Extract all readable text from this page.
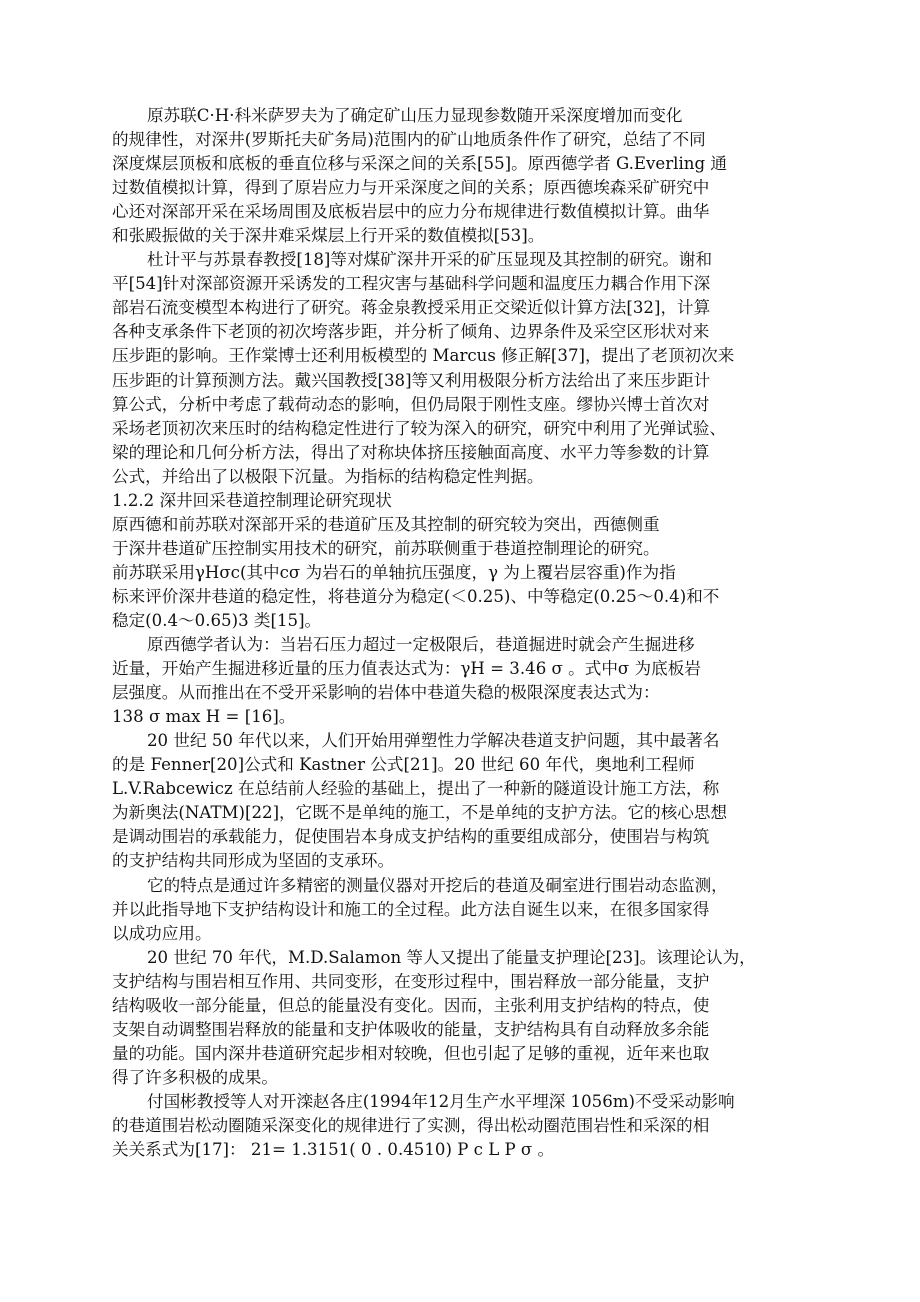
原苏联C·H·科米萨罗夫为了确定矿山压力显现参数随开采深度增加而变化
的规律性，对深井(罗斯托夫矿务局)范围内的矿山地质条件作了研究，总结了不同
深度煤层顶板和底板的垂直位移与采深之间的关系[55]。原西德学者 G.Everling 通
过数值模拟计算，得到了原岩应力与开采深度之间的关系；原西德埃森采矿研究中
心还对深部开采在采场周围及底板岩层中的应力分布规律进行数值模拟计算。曲华
和张殿振做的关于深井难采煤层上行开采的数值模拟[53]。
杜计平与苏景春教授[18]等对煤矿深井开采的矿压显现及其控制的研究。谢和
平[54]针对深部资源开采诱发的工程灾害与基础科学问题和温度压力耦合作用下深
部岩石流变模型本构进行了研究。蒋金泉教授采用正交梁近似计算方法[32]，计算
各种支承条件下老顶的初次垮落步距，并分析了倾角、边界条件及采空区形状对来
压步距的影响。王作棠博士还利用板模型的 Marcus 修正解[37]，提出了老顶初次来
压步距的计算预测方法。戴兴国教授[38]等又利用极限分析方法给出了来压步距计
算公式，分析中考虑了载荷动态的影响，但仍局限于刚性支座。缪协兴博士首次对
采场老顶初次来压时的结构稳定性进行了较为深入的研究，研究中利用了光弹试验、
梁的理论和几何分析方法，得出了对称块体挤压接触面高度、水平力等参数的计算
公式，并给出了以极限下沉量。为指标的结构稳定性判据。
1.2.2 深井回采巷道控制理论研究现状
原西德和前苏联对深部开采的巷道矿压及其控制的研究较为突出，西德侧重
于深井巷道矿压控制实用技术的研究，前苏联侧重于巷道控制理论的研究。
前苏联采用γHσc(其中cσ 为岩石的单轴抗压强度，γ 为上覆岩层容重)作为指
标来评价深井巷道的稳定性，将巷道分为稳定(＜0.25)、中等稳定(0.25～0.4)和不
稳定(0.4～0.65)3 类[15]。
原西德学者认为：当岩石压力超过一定极限后，巷道掘进时就会产生掘进移
近量，开始产生掘进移近量的压力值表达式为：γH = 3.46 σ 。式中σ 为底板岩
层强度。从而推出在不受开采影响的岩体中巷道失稳的极限深度表达式为：
138 σ max H = [16]。
20 世纪 50 年代以来，人们开始用弹塑性力学解决巷道支护问题，其中最著名
的是 Fenner[20]公式和 Kastner 公式[21]。20 世纪 60 年代，奥地利工程师
L.V.Rabcewicz 在总结前人经验的基础上，提出了一种新的隧道设计施工方法，称
为新奥法(NATM)[22]，它既不是单纯的施工，不是单纯的支护方法。它的核心思想
是调动围岩的承载能力，促使围岩本身成支护结构的重要组成部分，使围岩与构筑
的支护结构共同形成为坚固的支承环。
它的特点是通过许多精密的测量仪器对开挖后的巷道及硐室进行围岩动态监测，
并以此指导地下支护结构设计和施工的全过程。此方法自诞生以来，在很多国家得
以成功应用。
20 世纪 70 年代，M.D.Salamon 等人又提出了能量支护理论[23]。该理论认为，
支护结构与围岩相互作用、共同变形，在变形过程中，围岩释放一部分能量，支护
结构吸收一部分能量，但总的能量没有变化。因而，主张利用支护结构的特点，使
支架自动调整围岩释放的能量和支护体吸收的能量，支护结构具有自动释放多余能
量的功能。国内深井巷道研究起步相对较晚，但也引起了足够的重视，近年来也取
得了许多积极的成果。
付国彬教授等人对开滦赵各庄(1994年12月生产水平埋深 1056m)不受采动影响
的巷道围岩松动圈随采深变化的规律进行了实测，得出松动圈范围岩性和采深的相
关关系式为[17]： 21= 1.3151( 0 . 0.4510) P c L P σ 。
